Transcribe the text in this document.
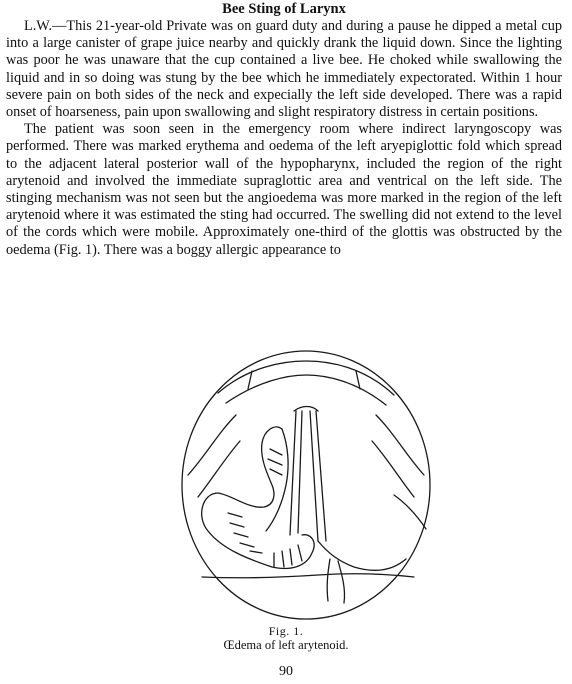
Bee Sting of Larynx

L.W.—This 21-year-old Private was on guard duty and during a pause he dipped a metal cup into a large canister of grape juice nearby and quickly drank the liquid down. Since the lighting was poor he was unaware that the cup contained a live bee. He choked while swallowing the liquid and in so doing was stung by the bee which he immediately expectorated. Within 1 hour severe pain on both sides of the neck and expecially the left side developed. There was a rapid onset of hoarseness, pain upon swallowing and slight respiratory distress in certain positions.

The patient was soon seen in the emergency room where indirect laryngoscopy was performed. There was marked erythema and oedema of the left aryepiglottic fold which spread to the adjacent lateral posterior wall of the hypopharynx, included the region of the right arytenoid and involved the immediate supraglottic area and ventrical on the left side. The stinging mechanism was not seen but the angioedema was more marked in the region of the left arytenoid where it was estimated the sting had occurred. The swelling did not extend to the level of the cords which were mobile. Approximately one-third of the glottis was obstructed by the oedema (Fig. 1). There was a boggy allergic appearance to

Fig. 1.
Œdema of left arytenoid.
90
